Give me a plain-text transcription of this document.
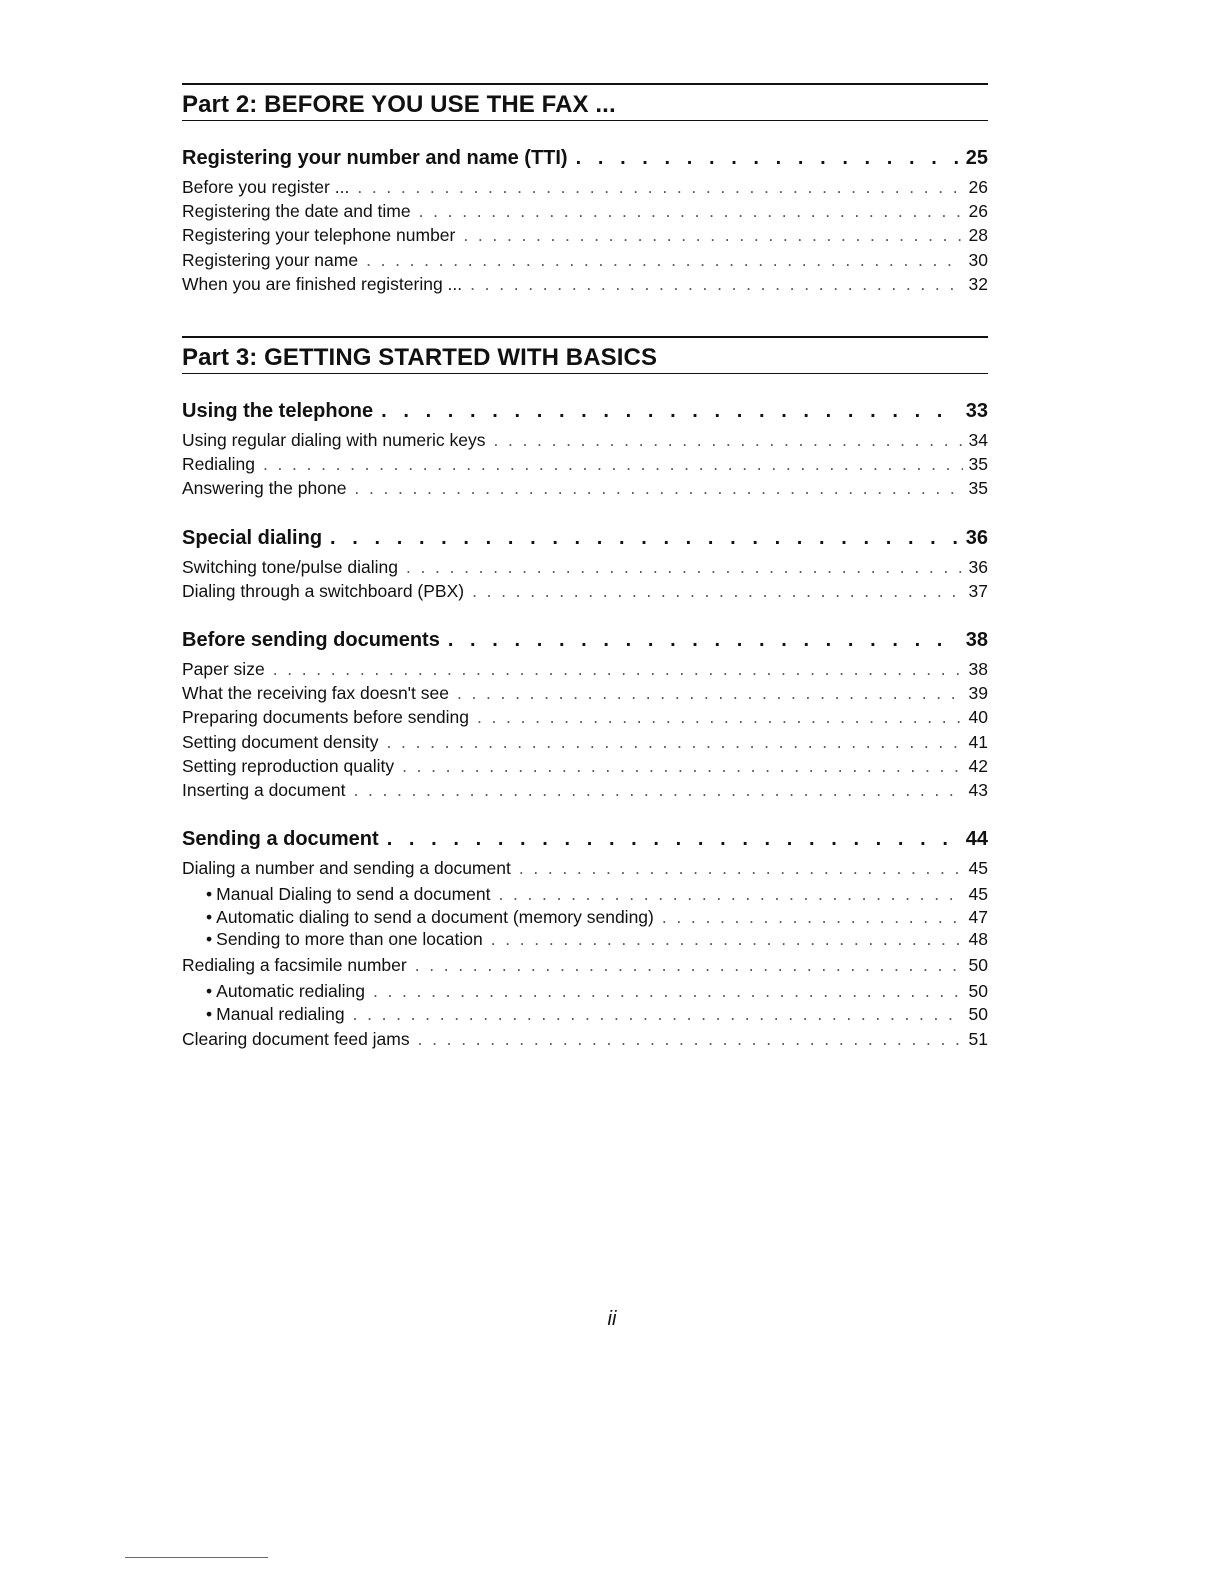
Part 2: BEFORE YOU USE THE FAX ...
Registering your number and name (TTI) . .	25
Before you register ... . . .	26
Registering the date and time . . .	26
Registering your telephone number . . .	28
Registering your name . . .	30
When you are finished registering ... . . .	32
Part 3: GETTING STARTED WITH BASICS
Using the telephone . .	33
Using regular dialing with numeric keys . . .	34
Redialing . . .	35
Answering the phone . . .	35
Special dialing . .	36
Switching tone/pulse dialing . . .	36
Dialing through a switchboard (PBX) . . .	37
Before sending documents . .	38
Paper size . . .	38
What the receiving fax doesn't see . . .	39
Preparing documents before sending . . .	40
Setting document density . . .	41
Setting reproduction quality . . .	42
Inserting a document . . .	43
Sending a document . .	44
Dialing a number and sending a document . . .	45
• Manual Dialing to send a document . . .	45
• Automatic dialing to send a document (memory sending) . . .	47
• Sending to more than one location . . .	48
Redialing a facsimile number . . .	50
• Automatic redialing . . .	50
• Manual redialing . . .	50
Clearing document feed jams . . .	51
ii
